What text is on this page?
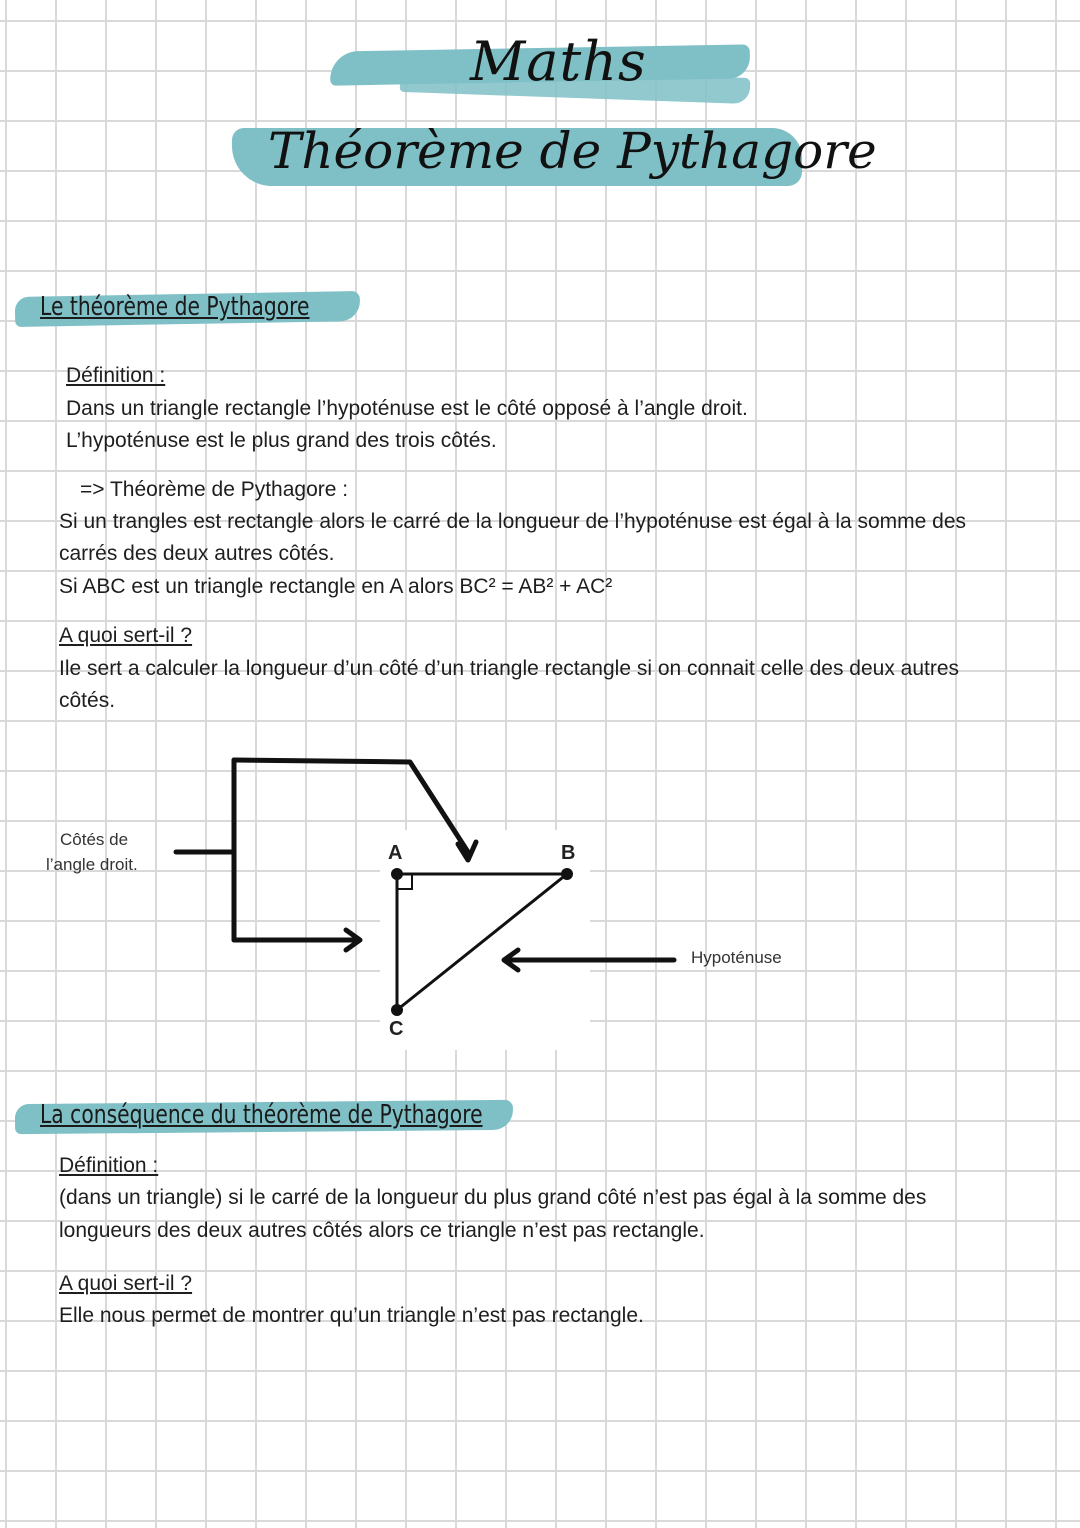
Maths
Théorème de Pythagore
Le théorème de Pythagore
Définition :
Dans un triangle rectangle l’hypoténuse est le côté opposé à l’angle droit.
L’hypoténuse est le plus grand des trois côtés.
=> Théorème de Pythagore :
Si un trangles est rectangle alors le carré de la longueur de l’hypoténuse est égal à la somme des
carrés des deux autres côtés.
Si ABC est un triangle rectangle en A alors BC² = AB² + AC²
A quoi sert-il ?
Ile sert a calculer la longueur d’un côté d’un triangle rectangle si on connait celle des deux autres
côtés.
A	B
C
Côtés de
l’angle droit.
Hypoténuse
La conséquence du théorème de Pythagore
Définition :
(dans un triangle) si le carré de la longueur du plus grand côté n’est pas égal à la somme des
longueurs des deux autres côtés alors ce triangle n’est pas rectangle.
A quoi sert-il ?
Elle nous permet de montrer qu’un triangle n’est pas rectangle.
